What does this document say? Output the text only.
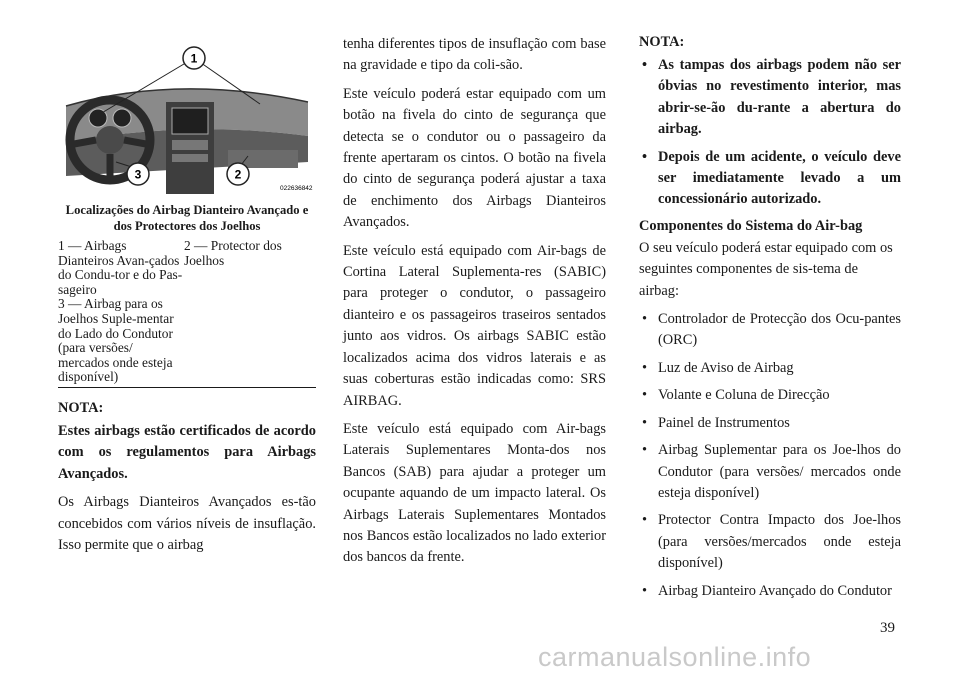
1
2
3
022636842
Localizações do Airbag Dianteiro Avançado e dos Protectores dos Joelhos
1 — Airbags Dianteiros Avan-çados do Condu-tor e do Pas-sageiro
3 — Airbag para os Joelhos Suple-mentar do Lado do Condutor (para versões/ mercados onde esteja disponível)
2 — Protector dos Joelhos
NOTA:

Estes airbags estão certificados de acordo com os regulamentos para Airbags Avançados.

Os Airbags Dianteiros Avançados es-tão concebidos com vários níveis de insuflação. Isso permite que o airbag

tenha diferentes tipos de insuflação com base na gravidade e tipo da coli-são.

Este veículo poderá estar equipado com um botão na fivela do cinto de segurança que detecta se o condutor ou o passageiro da frente apertaram os cintos. O botão na fivela do cinto de segurança poderá ajustar a taxa de enchimento dos Airbags Dianteiros Avançados.

Este veículo está equipado com Air-bags de Cortina Lateral Suplementa-res (SABIC) para proteger o condutor, o passageiro dianteiro e os passageiros traseiros sentados junto aos vidros. Os airbags SABIC estão localizados acima dos vidros laterais e as suas coberturas estão indicadas como: SRS AIRBAG.

Este veículo está equipado com Air-bags Laterais Suplementares Monta-dos nos Bancos (SAB) para ajudar a proteger um ocupante aquando de um impacto lateral. Os Airbags Laterais Suplementares Montados nos Bancos estão localizados no lado exterior dos bancos da frente.

NOTA:
• As tampas dos airbags podem não ser óbvias no revestimento interior, mas abrir-se-ão du-rante a abertura do airbag.
• Depois de um acidente, o veículo deve ser imediatamente levado a um concessionário autorizado.
Componentes do Sistema do Air-bag

O seu veículo poderá estar equipado com os seguintes componentes de sis-tema de airbag:

• Controlador de Protecção dos Ocu-pantes (ORC)
• Luz de Aviso de Airbag
• Volante e Coluna de Direcção
• Painel de Instrumentos
• Airbag Suplementar para os Joe-lhos do Condutor (para versões/ mercados onde esteja disponível)
• Protector Contra Impacto dos Joe-lhos (para versões/mercados onde esteja disponível)
• Airbag Dianteiro Avançado do Condutor
39
carmanualsonline.info
